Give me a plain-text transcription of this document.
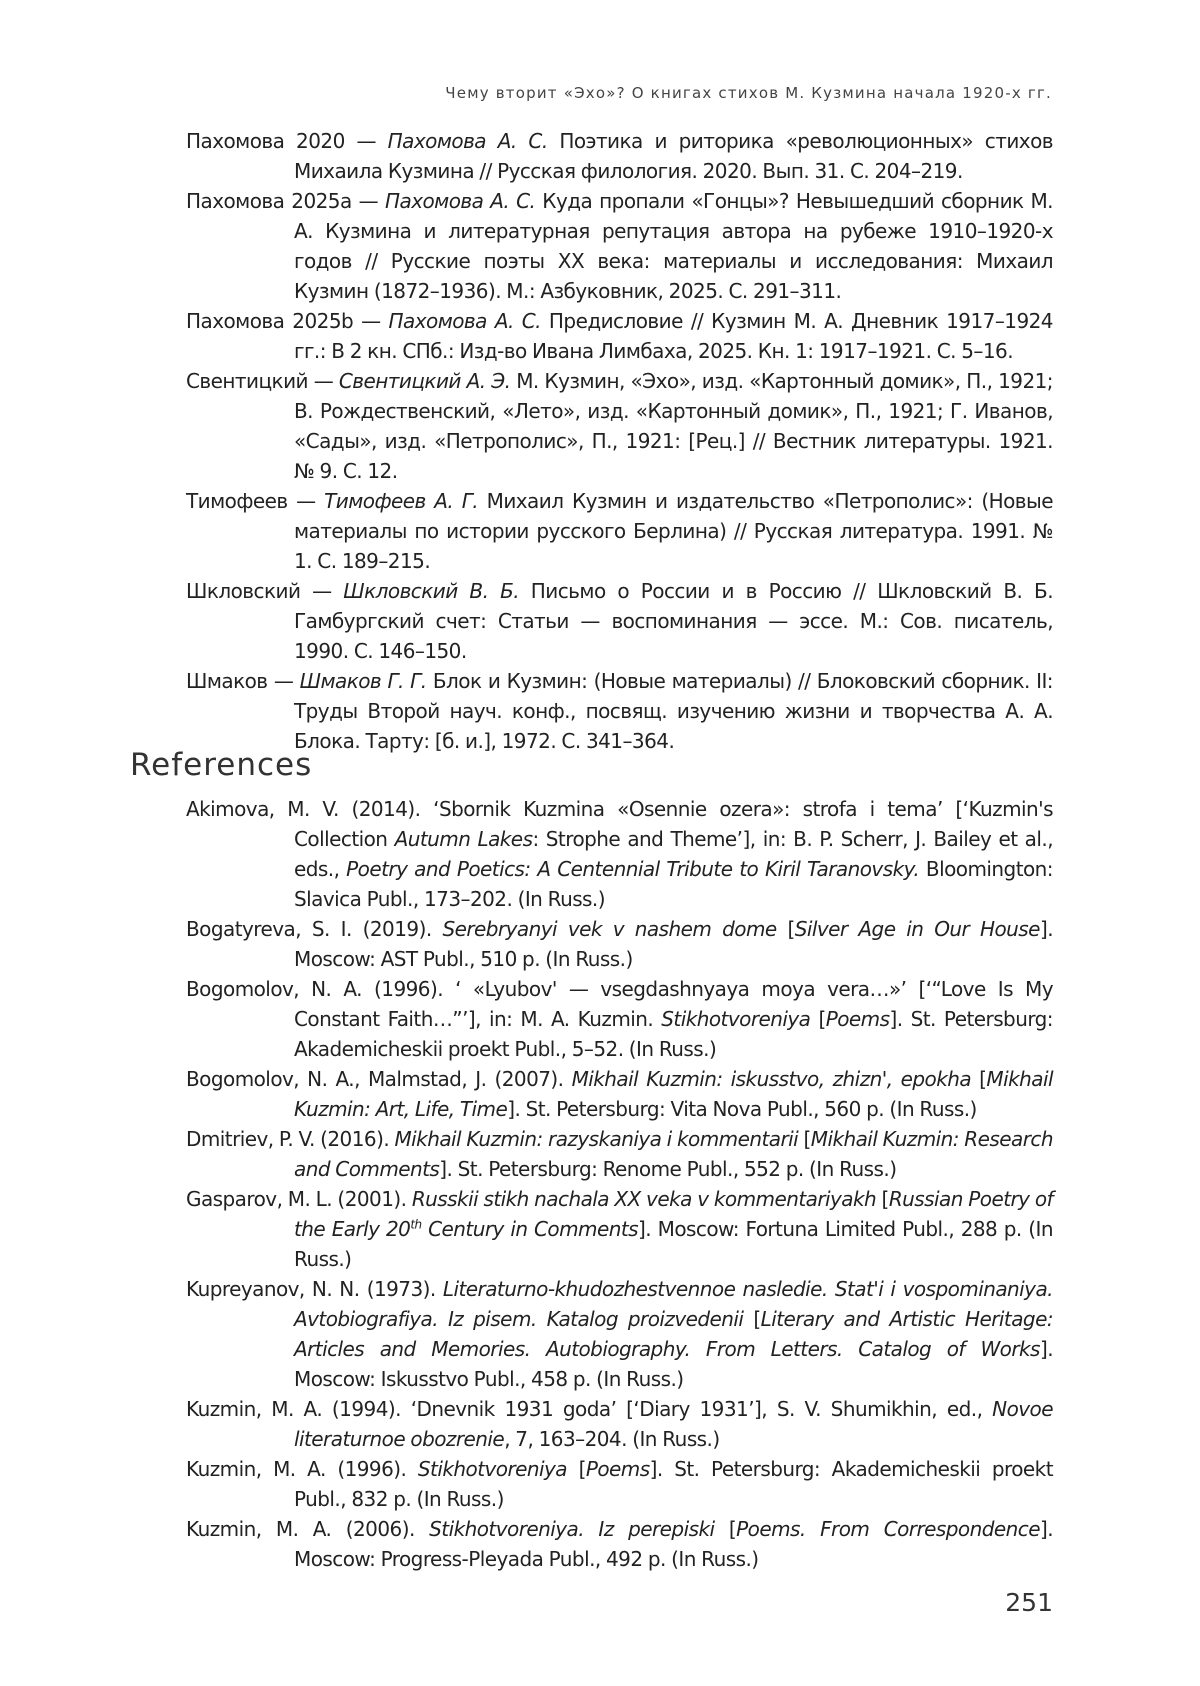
Чему вторит «Эхо»? О книгах стихов М. Кузмина начала 1920-х гг.

Пахомова 2020 — Пахомова А. С. Поэтика и риторика «революционных» стихов Михаила Кузмина // Русская филология. 2020. Вып. 31. С. 204–219.

Пахомова 2025a — Пахомова А. С. Куда пропали «Гонцы»? Невышедший сборник М. А. Кузмина и литературная репутация автора на рубеже 1910–1920-х годов // Русские поэты ХХ века: материалы и исследования: Михаил Кузмин (1872–1936). М.: Азбуковник, 2025. С. 291–311.

Пахомова 2025b — Пахомова А. С. Предисловие // Кузмин М. А. Дневник 1917–1924 гг.: В 2 кн. СПб.: Изд-во Ивана Лимбаха, 2025. Кн. 1: 1917–1921. С. 5–16.

Свентицкий — Свентицкий А. Э. М. Кузмин, «Эхо», изд. «Картонный домик», П., 1921; В. Рождественский, «Лето», изд. «Картонный домик», П., 1921; Г. Иванов, «Сады», изд. «Петрополис», П., 1921: [Рец.] // Вестник литературы. 1921. № 9. С. 12.

Тимофеев — Тимофеев А. Г. Михаил Кузмин и издательство «Петрополис»: (Новые материалы по истории русского Берлина) // Русская литература. 1991. № 1. С. 189–215.

Шкловский — Шкловский В. Б. Письмо о России и в Россию // Шкловский В. Б. Гамбургский счет: Статьи — воспоминания — эссе. М.: Сов. писатель, 1990. С. 146–150.

Шмаков — Шмаков Г. Г. Блок и Кузмин: (Новые материалы) // Блоковский сборник. II: Труды Второй науч. конф., посвящ. изучению жизни и творчества А. А. Блока. Тарту: [б. и.], 1972. С. 341–364.

References

Akimova, M. V. (2014). ‘Sbornik Kuzmina «Osennie ozera»: strofa i tema’ [‘Kuzmin's Collection Autumn Lakes: Strophe and Theme’], in: B. P. Scherr, J. Bailey et al., eds., Poetry and Poetics: A Centennial Tribute to Kiril Taranovsky. Bloomington: Slavica Publ., 173–202. (In Russ.)

Bogatyreva, S. I. (2019). Serebryanyi vek v nashem dome [Silver Age in Our House]. Moscow: AST Publ., 510 p. (In Russ.)

Bogomolov, N. A. (1996). ‘ «Lyubov' — vsegdashnyaya moya vera…»’ [‘“Love Is My Constant Faith…”’], in: M. A. Kuzmin. Stikhotvoreniya [Poems]. St. Petersburg: Akademicheskii proekt Publ., 5–52. (In Russ.)

Bogomolov, N. A., Malmstad, J. (2007). Mikhail Kuzmin: iskusstvo, zhizn', epokha [Mikhail Kuzmin: Art, Life, Time]. St. Petersburg: Vita Nova Publ., 560 p. (In Russ.)

Dmitriev, P. V. (2016). Mikhail Kuzmin: razyskaniya i kommentarii [Mikhail Kuzmin: Research and Comments]. St. Petersburg: Renome Publ., 552 p. (In Russ.)

Gasparov, M. L. (2001). Russkii stikh nachala XX veka v kommentariyakh [Russian Poetry of the Early 20th Century in Comments]. Moscow: Fortuna Limited Publ., 288 p. (In Russ.)

Kupreyanov, N. N. (1973). Literaturno-khudozhestvennoe nasledie. Stat'i i vospominaniya. Avtobiografiya. Iz pisem. Katalog proizvedenii [Literary and Artistic Heritage: Articles and Memories. Autobiography. From Letters. Catalog of Works]. Moscow: Iskusstvo Publ., 458 p. (In Russ.)

Kuzmin, M. A. (1994). ‘Dnevnik 1931 goda’ [‘Diary 1931’], S. V. Shumikhin, ed., Novoe literaturnoe obozrenie, 7, 163–204. (In Russ.)

Kuzmin, M. A. (1996). Stikhotvoreniya [Poems]. St. Petersburg: Akademicheskii proekt Publ., 832 p. (In Russ.)

Kuzmin, M. A. (2006). Stikhotvoreniya. Iz perepiski [Poems. From Correspondence]. Moscow: Progress-Pleyada Publ., 492 p. (In Russ.)

251
